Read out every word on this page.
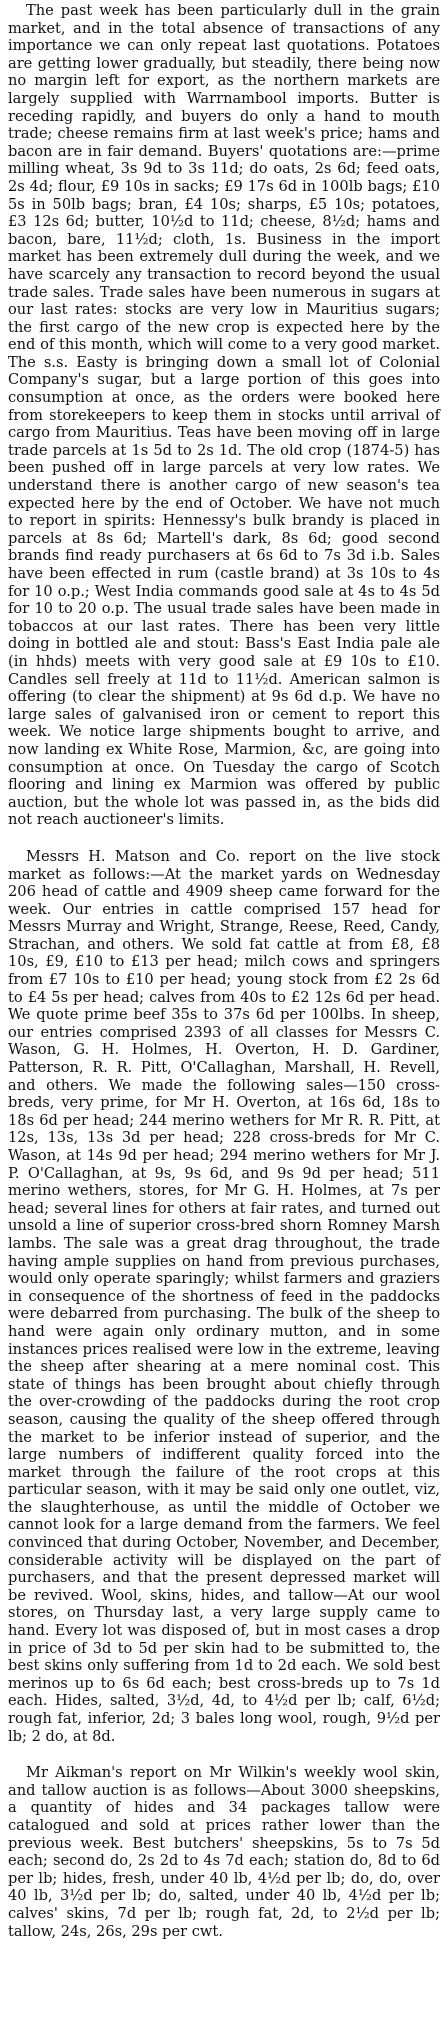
The past week has been particularly dull in the grain market, and in the total absence of transactions of any importance we can only repeat last quotations. Potatoes are getting lower gradually, but steadily, there being now no margin left for export, as the northern markets are largely supplied with Warrnambool imports. Butter is receding rapidly, and buyers do only a hand to mouth trade; cheese remains firm at last week's price; hams and bacon are in fair demand. Buyers' quotations are:—prime milling wheat, 3s 9d to 3s 11d; do oats, 2s 6d; feed oats, 2s 4d; flour, £9 10s in sacks; £9 17s 6d in 100lb bags; £10 5s in 50lb bags; bran, £4 10s; sharps, £5 10s; potatoes, £3 12s 6d; butter, 10½d to 11d; cheese, 8½d; hams and bacon, bare, 11½d; cloth, 1s. Business in the import market has been extremely dull during the week, and we have scarcely any transaction to record beyond the usual trade sales. Trade sales have been numerous in sugars at our last rates: stocks are very low in Mauritius sugars; the first cargo of the new crop is expected here by the end of this month, which will come to a very good market. The s.s. Easty is bringing down a small lot of Colonial Company's sugar, but a large portion of this goes into consumption at once, as the orders were booked here from storekeepers to keep them in stocks until arrival of cargo from Mauritius. Teas have been moving off in large trade parcels at 1s 5d to 2s 1d. The old crop (1874-5) has been pushed off in large parcels at very low rates. We understand there is another cargo of new season's tea expected here by the end of October. We have not much to report in spirits: Hennessy's bulk brandy is placed in parcels at 8s 6d; Martell's dark, 8s 6d; good second brands find ready purchasers at 6s 6d to 7s 3d i.b. Sales have been effected in rum (castle brand) at 3s 10s to 4s for 10 o.p.; West India commands good sale at 4s to 4s 5d for 10 to 20 o.p. The usual trade sales have been made in tobaccos at our last rates. There has been very little doing in bottled ale and stout: Bass's East India pale ale (in hhds) meets with very good sale at £9 10s to £10. Candles sell freely at 11d to 11½d. American salmon is offering (to clear the shipment) at 9s 6d d.p. We have no large sales of galvanised iron or cement to report this week. We notice large shipments bought to arrive, and now landing ex White Rose, Marmion, &c, are going into consumption at once. On Tuesday the cargo of Scotch flooring and lining ex Marmion was offered by public auction, but the whole lot was passed in, as the bids did not reach auctioneer's limits.

Messrs H. Matson and Co. report on the live stock market as follows:—At the market yards on Wednesday 206 head of cattle and 4909 sheep came forward for the week. Our entries in cattle comprised 157 head for Messrs Murray and Wright, Strange, Reese, Reed, Candy, Strachan, and others. We sold fat cattle at from £8, £8 10s, £9, £10 to £13 per head; milch cows and springers from £7 10s to £10 per head; young stock from £2 2s 6d to £4 5s per head; calves from 40s to £2 12s 6d per head. We quote prime beef 35s to 37s 6d per 100lbs. In sheep, our entries comprised 2393 of all classes for Messrs C. Wason, G. H. Holmes, H. Overton, H. D. Gardiner, Patterson, R. R. Pitt, O'Callaghan, Marshall, H. Revell, and others. We made the following sales—150 cross-breds, very prime, for Mr H. Overton, at 16s 6d, 18s to 18s 6d per head; 244 merino wethers for Mr R. R. Pitt, at 12s, 13s, 13s 3d per head; 228 cross-breds for Mr C. Wason, at 14s 9d per head; 294 merino wethers for Mr J. P. O'Callaghan, at 9s, 9s 6d, and 9s 9d per head; 511 merino wethers, stores, for Mr G. H. Holmes, at 7s per head; several lines for others at fair rates, and turned out unsold a line of superior cross-bred shorn Romney Marsh lambs. The sale was a great drag throughout, the trade having ample supplies on hand from previous purchases, would only operate sparingly; whilst farmers and graziers in consequence of the shortness of feed in the paddocks were debarred from purchasing. The bulk of the sheep to hand were again only ordinary mutton, and in some instances prices realised were low in the extreme, leaving the sheep after shearing at a mere nominal cost. This state of things has been brought about chiefly through the over-crowding of the paddocks during the root crop season, causing the quality of the sheep offered through the market to be inferior instead of superior, and the large numbers of indifferent quality forced into the market through the failure of the root crops at this particular season, with it may be said only one outlet, viz, the slaughterhouse, as until the middle of October we cannot look for a large demand from the farmers. We feel convinced that during October, November, and December, considerable activity will be displayed on the part of purchasers, and that the present depressed market will be revived. Wool, skins, hides, and tallow—At our wool stores, on Thursday last, a very large supply came to hand. Every lot was disposed of, but in most cases a drop in price of 3d to 5d per skin had to be submitted to, the best skins only suffering from 1d to 2d each. We sold best merinos up to 6s 6d each; best cross-breds up to 7s 1d each. Hides, salted, 3½d, 4d, to 4½d per lb; calf, 6½d; rough fat, inferior, 2d; 3 bales long wool, rough, 9½d per lb; 2 do, at 8d.

Mr Aikman's report on Mr Wilkin's weekly wool skin, and tallow auction is as follows—About 3000 sheepskins, a quantity of hides and 34 packages tallow were catalogued and sold at prices rather lower than the previous week. Best butchers' sheepskins, 5s to 7s 5d each; second do, 2s 2d to 4s 7d each; station do, 8d to 6d per lb; hides, fresh, under 40 lb, 4½d per lb; do, do, over 40 lb, 3½d per lb; do, salted, under 40 lb, 4½d per lb; calves' skins, 7d per lb; rough fat, 2d, to 2½d per lb; tallow, 24s, 26s, 29s per cwt.
